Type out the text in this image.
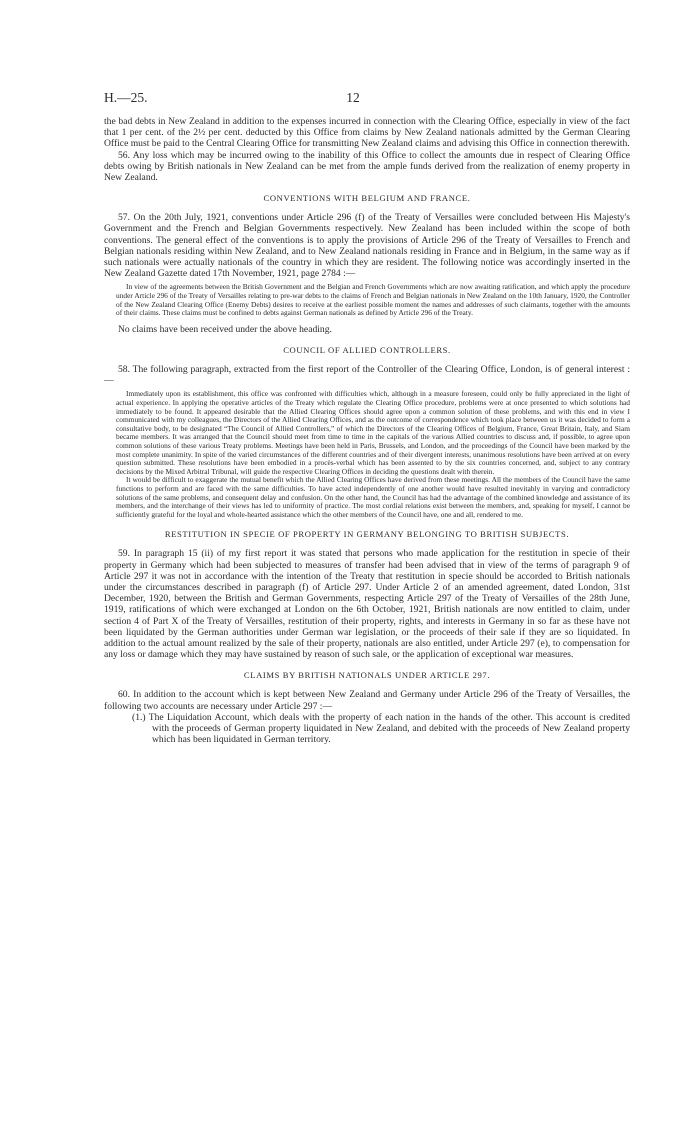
H.—25.	12

the bad debts in New Zealand in addition to the expenses incurred in connection with the Clearing Office, especially in view of the fact that 1 per cent. of the 2½ per cent. deducted by this Office from claims by New Zealand nationals admitted by the German Clearing Office must be paid to the Central Clearing Office for transmitting New Zealand claims and advising this Office in connection therewith.

56. Any loss which may be incurred owing to the inability of this Office to collect the amounts due in respect of Clearing Office debts owing by British nationals in New Zealand can be met from the ample funds derived from the realization of enemy property in New Zealand.

CONVENTIONS WITH BELGIUM AND FRANCE.

57. On the 20th July, 1921, conventions under Article 296 (f) of the Treaty of Versailles were concluded between His Majesty's Government and the French and Belgian Governments respectively. New Zealand has been included within the scope of both conventions. The general effect of the conventions is to apply the provisions of Article 296 of the Treaty of Versailles to French and Belgian nationals residing within New Zealand, and to New Zealand nationals residing in France and in Belgium, in the same way as if such nationals were actually nationals of the country in which they are resident. The following notice was accordingly inserted in the New Zealand Gazette dated 17th November, 1921, page 2784 :—

In view of the agreements between the British Government and the Belgian and French Governments which are now awaiting ratification, and which apply the procedure under Article 296 of the Treaty of Versailles relating to pre-war debts to the claims of French and Belgian nationals in New Zealand on the 10th January, 1920, the Controller of the New Zealand Clearing Office (Enemy Debts) desires to receive at the earliest possible moment the names and addresses of such claimants, together with the amounts of their claims. These claims must be confined to debts against German nationals as defined by Article 296 of the Treaty.

No claims have been received under the above heading.

COUNCIL OF ALLIED CONTROLLERS.

58. The following paragraph, extracted from the first report of the Controller of the Clearing Office, London, is of general interest :—

Immediately upon its establishment, this office was confronted with difficulties which, although in a measure foreseen, could only be fully appreciated in the light of actual experience. In applying the operative articles of the Treaty which regulate the Clearing Office procedure, problems were at once presented to which solutions had immediately to be found. It appeared desirable that the Allied Clearing Offices should agree upon a common solution of these problems, and with this end in view I communicated with my colleagues, the Directors of the Allied Clearing Offices, and as the outcome of correspondence which took place between us it was decided to form a consultative body, to be designated “The Council of Allied Controllers,” of which the Directors of the Clearing Offices of Belgium, France, Great Britain, Italy, and Siam became members. It was arranged that the Council should meet from time to time in the capitals of the various Allied countries to discuss and, if possible, to agree upon common solutions of these various Treaty problems. Meetings have been held in Paris, Brussels, and London, and the proceedings of the Council have been marked by the most complete unanimity. In spite of the varied circumstances of the different countries and of their divergent interests, unanimous resolutions have been arrived at on every question submitted. These resolutions have been embodied in a procès-verbal which has been assented to by the six countries concerned, and, subject to any contrary decisions by the Mixed Arbitral Tribunal, will guide the respective Clearing Offices in deciding the questions dealt with therein.

It would be difficult to exaggerate the mutual benefit which the Allied Clearing Offices have derived from these meetings. All the members of the Council have the same functions to perform and are faced with the same difficulties. To have acted independently of one another would have resulted inevitably in varying and contradictory solutions of the same problems, and consequent delay and confusion. On the other hand, the Council has had the advantage of the combined knowledge and assistance of its members, and the interchange of their views has led to uniformity of practice. The most cordial relations exist between the members, and, speaking for myself, I cannot be sufficiently grateful for the loyal and whole-hearted assistance which the other members of the Council have, one and all, rendered to me.

RESTITUTION IN SPECIE OF PROPERTY IN GERMANY BELONGING TO BRITISH SUBJECTS.

59. In paragraph 15 (ii) of my first report it was stated that persons who made application for the restitution in specie of their property in Germany which had been subjected to measures of transfer had been advised that in view of the terms of paragraph 9 of Article 297 it was not in accordance with the intention of the Treaty that restitution in specie should be accorded to British nationals under the circumstances described in paragraph (f) of Article 297. Under Article 2 of an amended agreement, dated London, 31st December, 1920, between the British and German Governments, respecting Article 297 of the Treaty of Versailles of the 28th June, 1919, ratifications of which were exchanged at London on the 6th October, 1921, British nationals are now entitled to claim, under section 4 of Part X of the Treaty of Versailles, restitution of their property, rights, and interests in Germany in so far as these have not been liquidated by the German authorities under German war legislation, or the proceeds of their sale if they are so liquidated. In addition to the actual amount realized by the sale of their property, nationals are also entitled, under Article 297 (e), to compensation for any loss or damage which they may have sustained by reason of such sale, or the application of exceptional war measures.

CLAIMS BY BRITISH NATIONALS UNDER ARTICLE 297.

60. In addition to the account which is kept between New Zealand and Germany under Article 296 of the Treaty of Versailles, the following two accounts are necessary under Article 297 :—

(1.) The Liquidation Account, which deals with the property of each nation in the hands of the other. This account is credited with the proceeds of German property liquidated in New Zealand, and debited with the proceeds of New Zealand property which has been liquidated in German territory.
